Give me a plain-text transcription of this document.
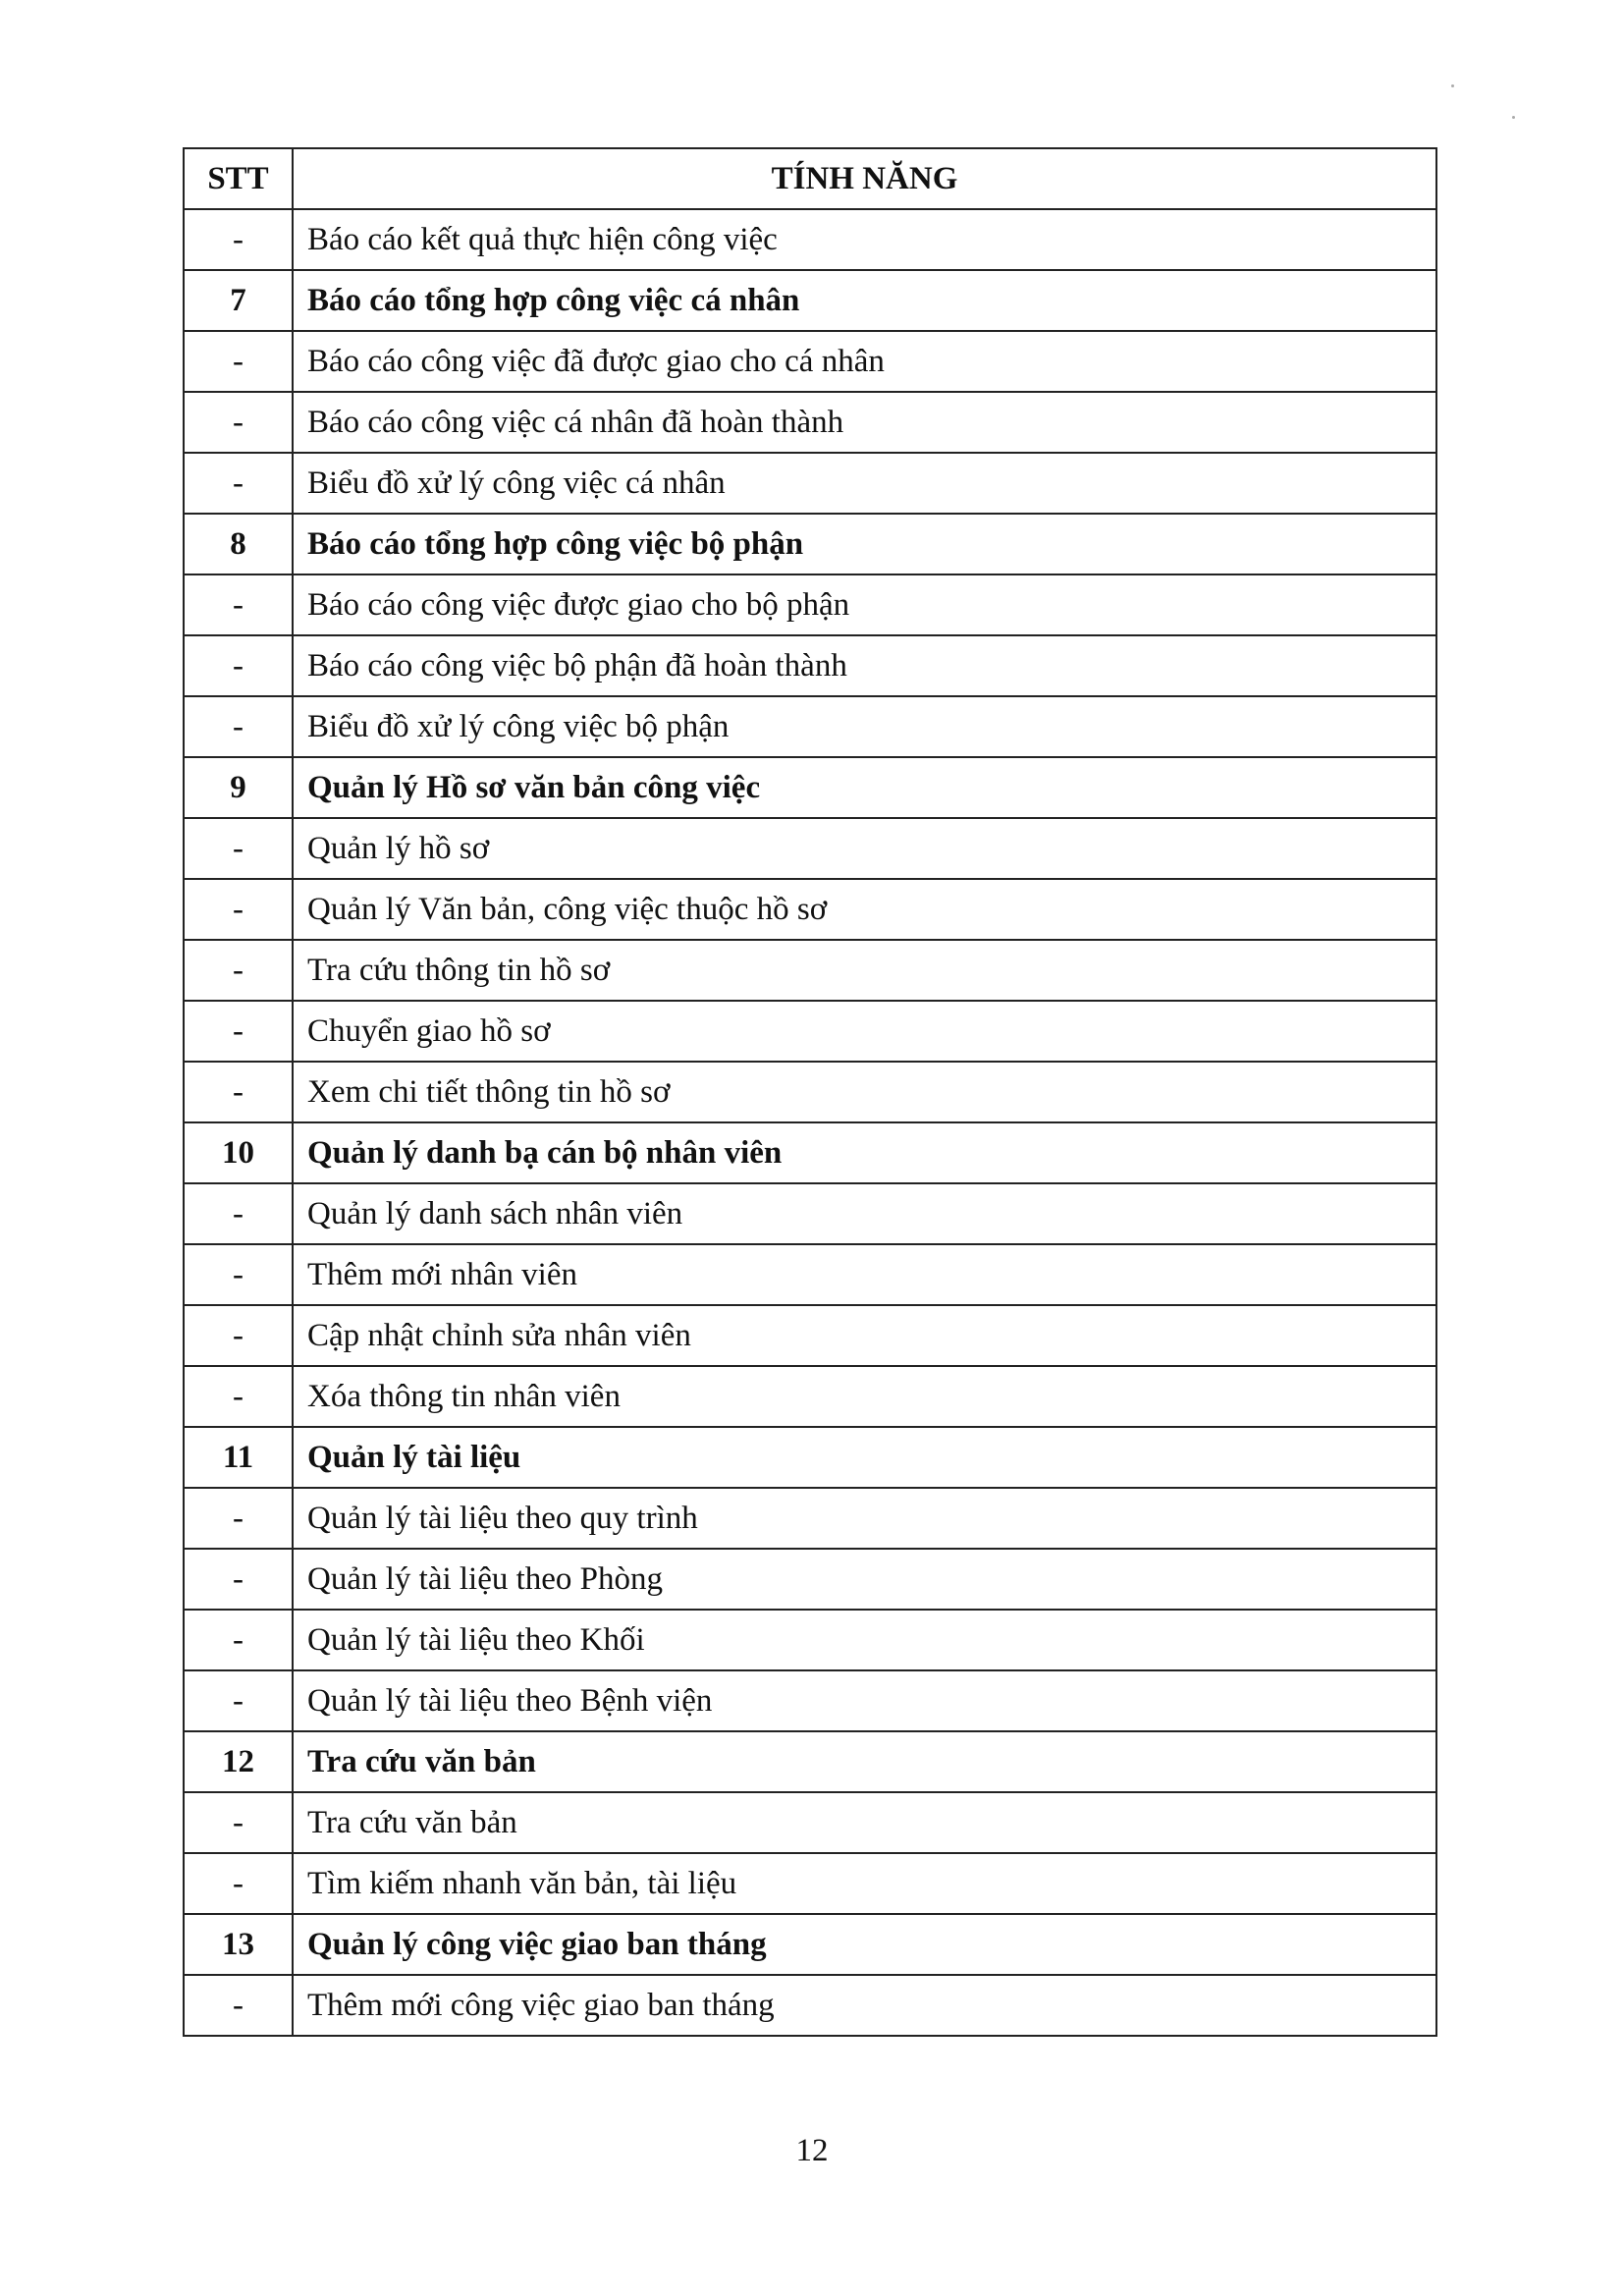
STT	TÍNH NĂNG
-	Báo cáo kết quả thực hiện công việc
7	Báo cáo tổng hợp công việc cá nhân
-	Báo cáo công việc đã được giao cho cá nhân
-	Báo cáo công việc cá nhân đã hoàn thành
-	Biểu đồ xử lý công việc cá nhân
8	Báo cáo tổng hợp công việc bộ phận
-	Báo cáo công việc được giao cho bộ phận
-	Báo cáo công việc bộ phận đã hoàn thành
-	Biểu đồ xử lý công việc bộ phận
9	Quản lý Hồ sơ văn bản công việc
-	Quản lý hồ sơ
-	Quản lý Văn bản, công việc thuộc hồ sơ
-	Tra cứu thông tin hồ sơ
-	Chuyển giao hồ sơ
-	Xem chi tiết thông tin hồ sơ
10	Quản lý danh bạ cán bộ nhân viên
-	Quản lý danh sách nhân viên
-	Thêm mới nhân viên
-	Cập nhật chỉnh sửa nhân viên
-	Xóa thông tin nhân viên
11	Quản lý tài liệu
-	Quản lý tài liệu theo quy trình
-	Quản lý tài liệu theo Phòng
-	Quản lý tài liệu theo Khối
-	Quản lý tài liệu theo Bệnh viện
12	Tra cứu văn bản
-	Tra cứu văn bản
-	Tìm kiếm nhanh văn bản, tài liệu
13	Quản lý công việc giao ban tháng
-	Thêm mới công việc giao ban tháng
12
